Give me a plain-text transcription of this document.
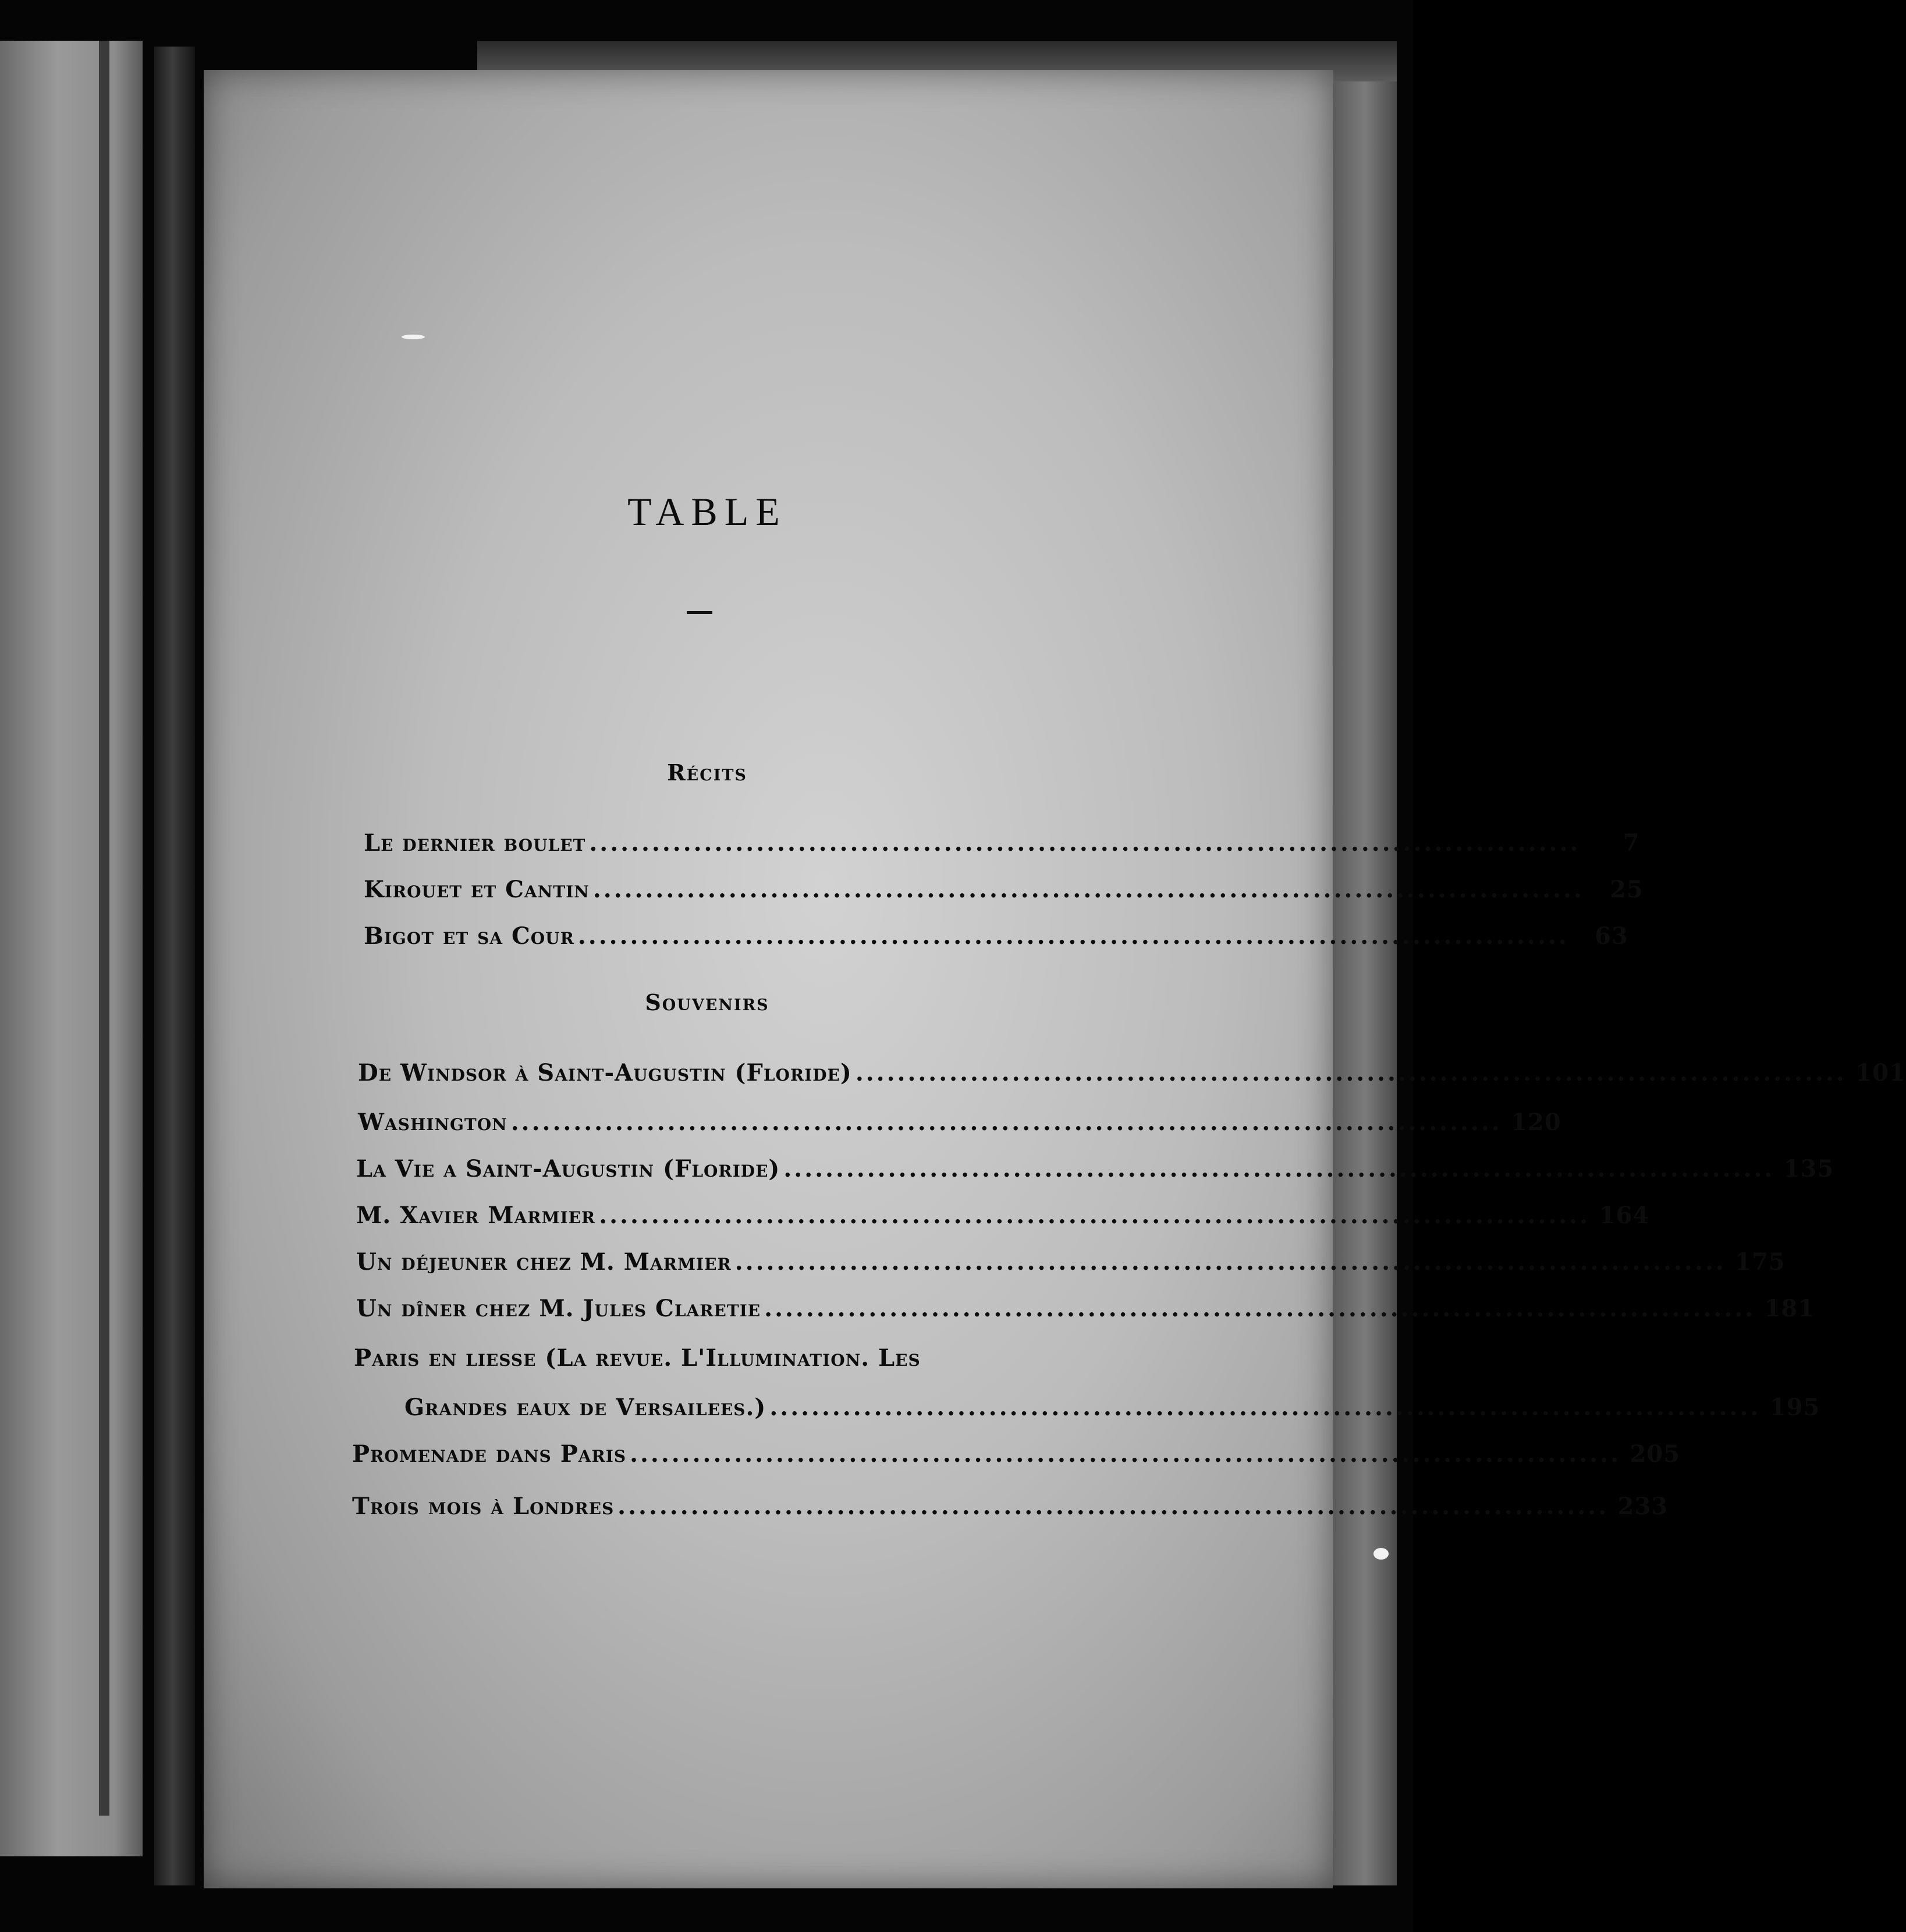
TABLE
Récits
Le dernier boulet ...............................................................................................	7
Kirouet et Cantin ...............................................................................................	25
Bigot et sa Cour ...............................................................................................	63
Souvenirs
De Windsor à Saint-Augustin (Floride) ............................................................................................... 101
Washington ............................................................................................... 120
La Vie a Saint-Augustin (Floride) ............................................................................................... 135
M. Xavier Marmier ............................................................................................... 164
Un déjeuner chez M. Marmier ............................................................................................... 175
Un dîner chez M. Jules Claretie ............................................................................................... 181
Paris en liesse (La revue. L'Illumination. Les
Grandes eaux de Versailees.) ............................................................................................... 195
Promenade dans Paris ............................................................................................... 205
Trois mois à Londres ............................................................................................... 233
